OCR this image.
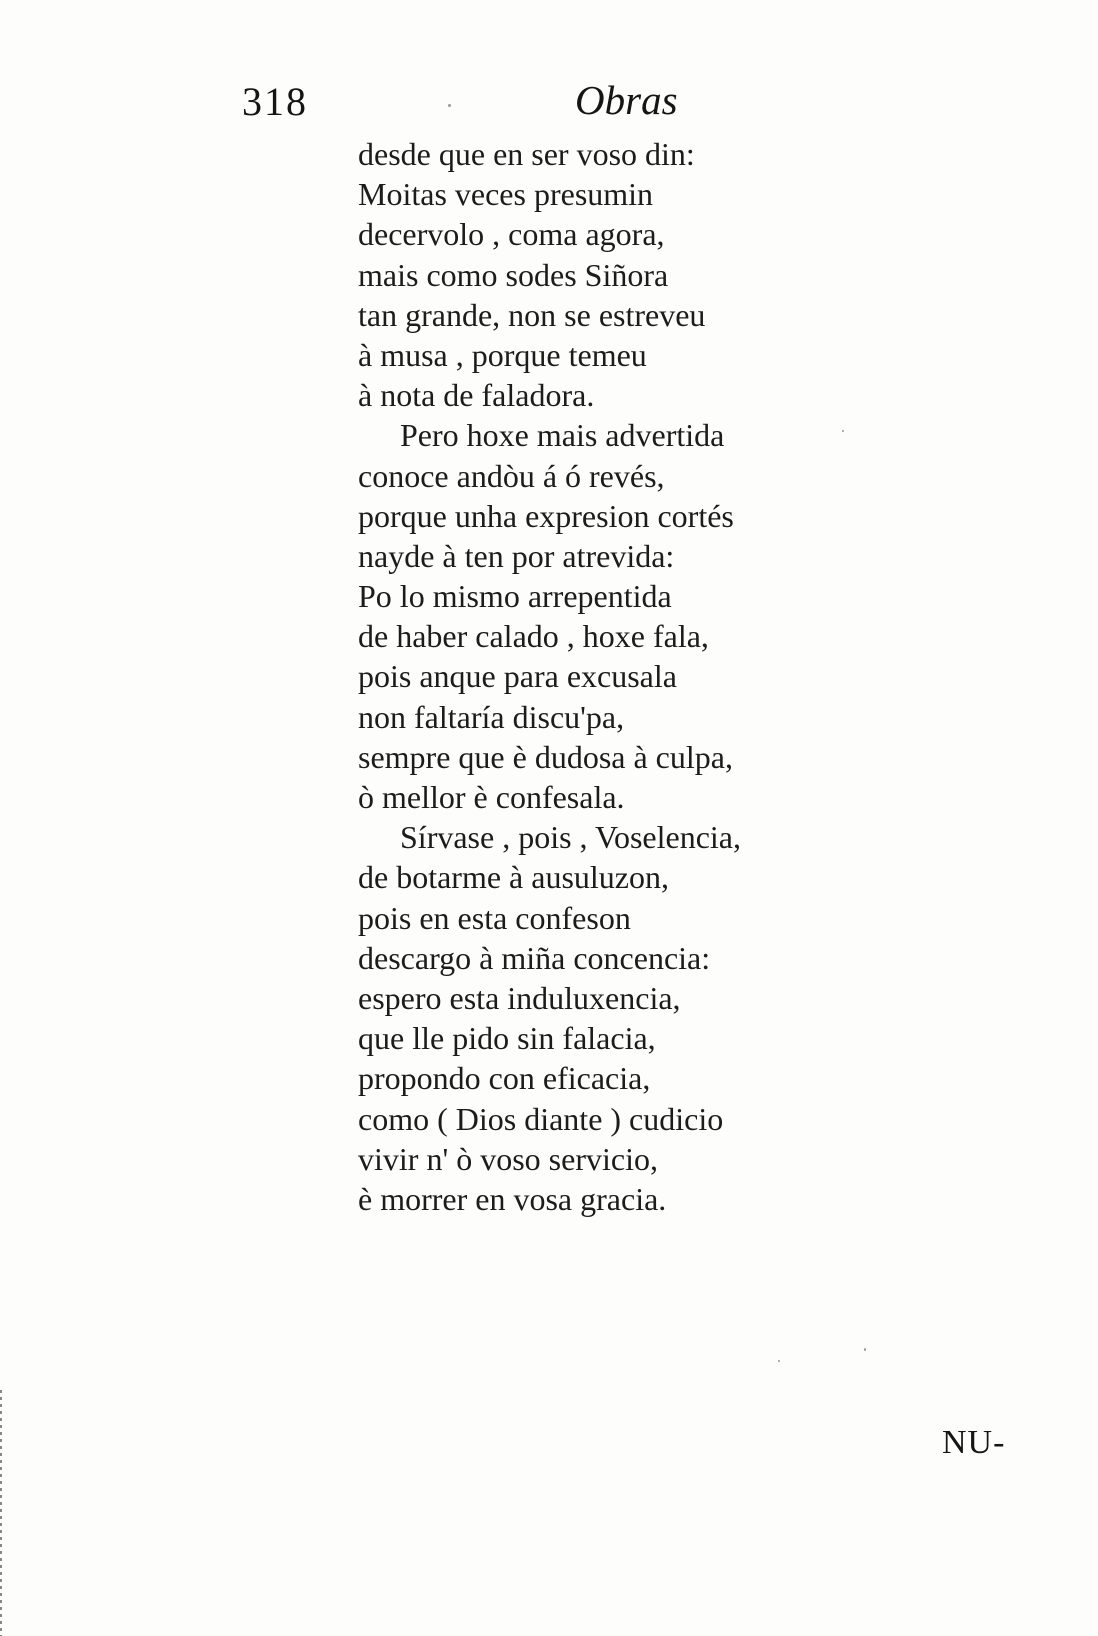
318	Obras
desde que en ser voso din:
Moitas veces presumin
decervolo , coma agora,
mais como sodes Siñora
tan grande, non se estreveu
à musa , porque temeu
à nota de faladora.
Pero hoxe mais advertida
conoce andòu á ó revés,
porque unha expresion cortés
nayde à ten por atrevida:
Po lo mismo arrepentida
de haber calado , hoxe fala,
pois anque para excusala
non faltaría discu'pa,
sempre que è dudosa à culpa,
ò mellor è confesala.
Sírvase , pois , Voselencia,
de botarme à ausuluzon,
pois en esta confeson
descargo à miña concencia:
espero esta induluxencia,
que lle pido sin falacia,
propondo con eficacia,
como ( Dios diante ) cudicio
vivir n' ò voso servicio,
è morrer en vosa gracia.
NU-
